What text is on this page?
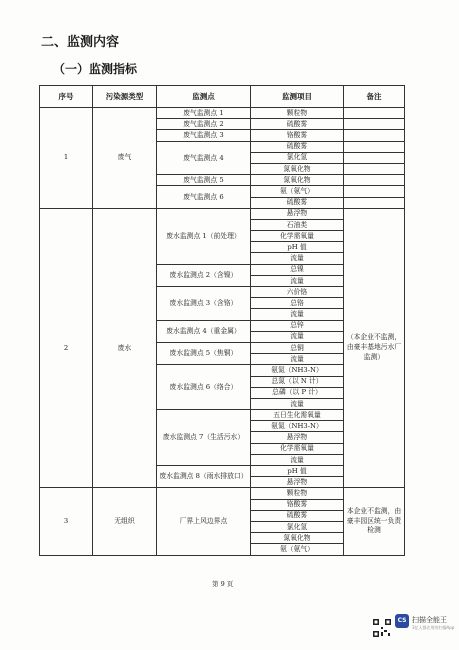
二、监测内容
（一）监测指标
序号	污染源类型	监测点	监测项目	备注
1	废气	废气监测点 1	颗粒物	
		废气监测点 2	硫酸雾	
		废气监测点 3	铬酸雾	
		废气监测点 4	硫酸雾	
			氯化氢	
			氮氧化物	
		废气监测点 5	氮氧化物	
		废气监测点 6	氨（氨气）	
			硫酸雾	
2	废水	废水监测点 1（前处理）	悬浮物	（本企业不监测，由豪丰基地污水厂监测）
			石油类	
			化学需氧量	
			pH 值	
			流量	
		废水监测点 2（含镍）	总镍	
			流量	
		废水监测点 3（含铬）	六价铬	
			总铬	
			流量	
		废水监测点 4（重金属）	总锌	
			流量	
		废水监测点 5（焦铜）	总铜	
			流量	
		废水监测点 6（络合）	氨氮（NH3-N）	
			总氮（以 N 计）	
			总磷（以 P 计）	
			流量	
		废水监测点 7（生活污水）	五日生化需氧量	
			氨氮（NH3-N）	
			悬浮物	
			化学需氧量	
			流量	
		废水监测点 8（雨水排放口）	pH 值	
			悬浮物	
3	无组织	厂界上风边界点	颗粒物	本企业不监测，由豪丰园区统一负责检测
			铬酸雾	
			硫酸雾	
			氯化氢	
			氮氧化物	
			氨（氨气）	
第 9 页
CS 扫描全能王
3亿人都在用的扫描App
